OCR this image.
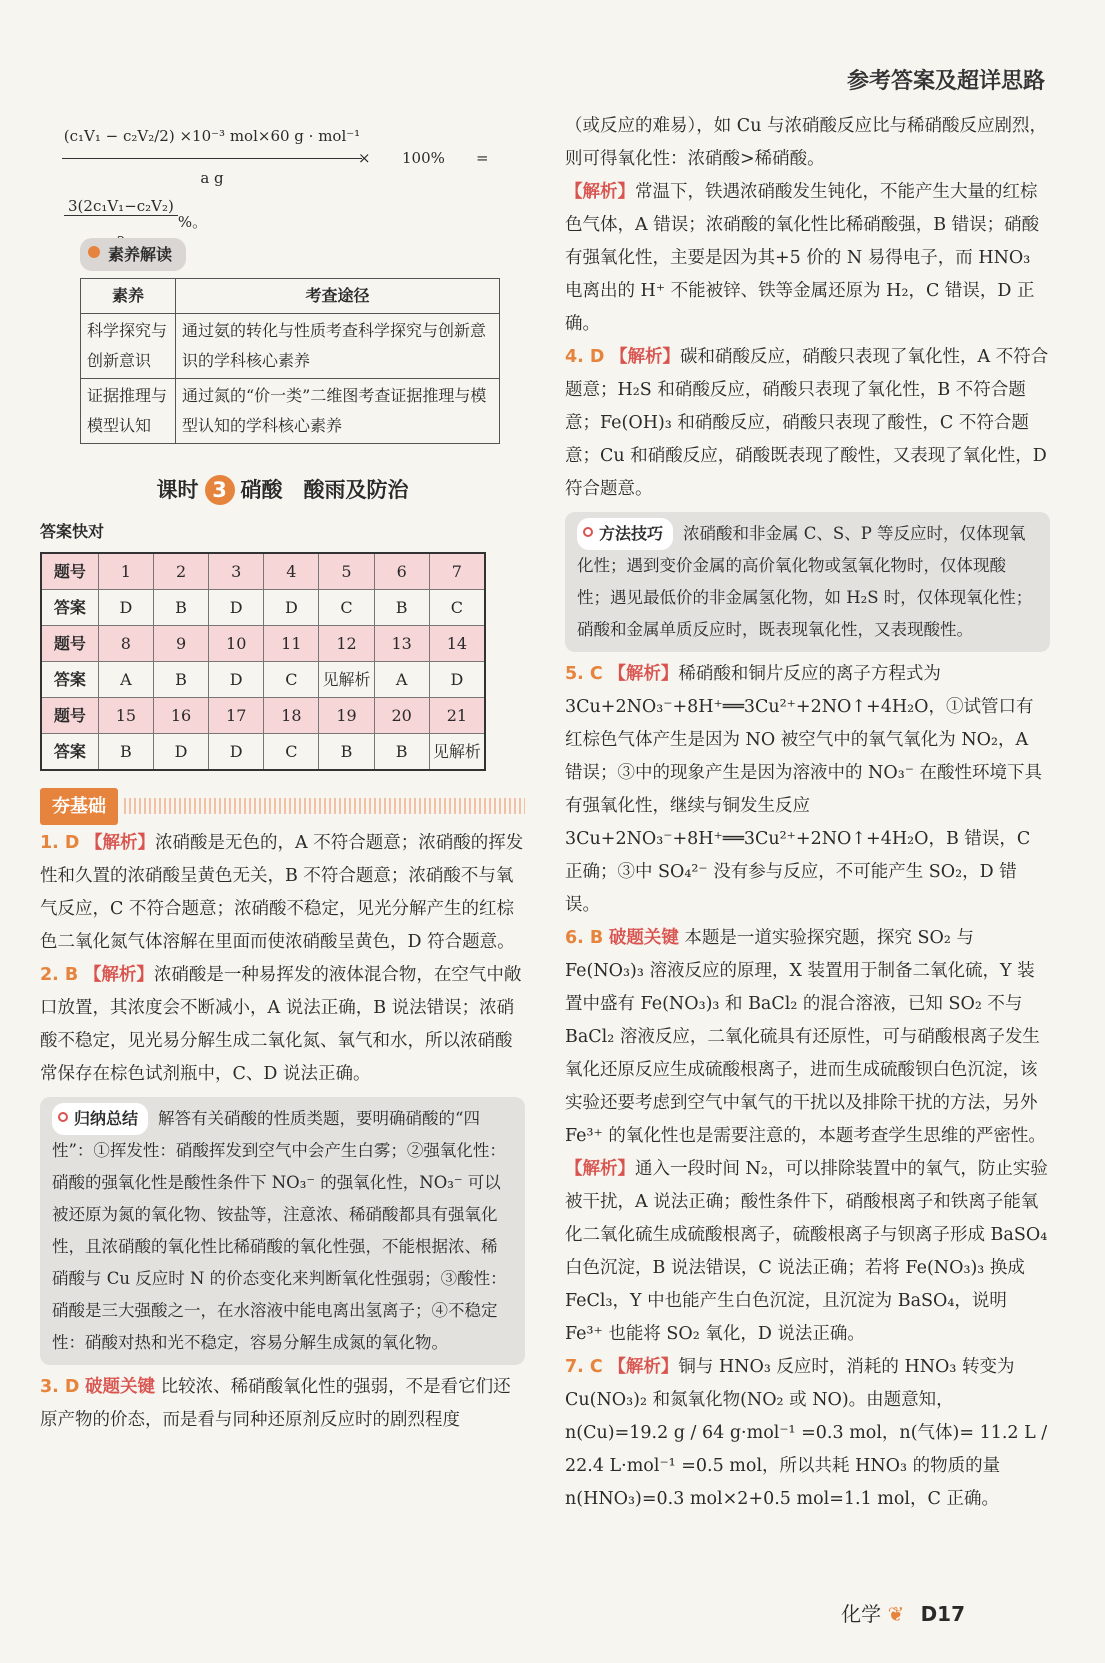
参考答案及超详思路
(c₁V₁ − c₂V₂/2) ×10⁻³ mol×60 g · mol⁻¹
a g
× 100% =
3(2c₁V₁−c₂V₂)
%。
素养解读
素养	考查途径
科学探究与创新意识	通过氨的转化与性质考查科学探究与创新意识的学科核心素养
证据推理与模型认知	通过氮的“价一类”二维图考查证据推理与模型认知的学科核心素养
课时 3 硝酸　酸雨及防治
答案快对
题号	1	2	3	4	5	6	7
答案	D	B	D	D	C	B	C
题号	8	9	10	11	12	13	14
答案	A	B	D	C	见解析	A	D
题号	15	16	17	18	19	20	21
答案	B	D	D	C	B	B	见解析
夯基础

1. D 【解析】浓硝酸是无色的，A 不符合题意；浓硝酸的挥发性和久置的浓硝酸呈黄色无关，B 不符合题意；浓硝酸不与氧气反应，C 不符合题意；浓硝酸不稳定，见光分解产生的红棕色二氧化氮气体溶解在里面而使浓硝酸呈黄色，D 符合题意。

2. B 【解析】浓硝酸是一种易挥发的液体混合物，在空气中敞口放置，其浓度会不断减小，A 说法正确，B 说法错误；浓硝酸不稳定，见光易分解生成二氧化氮、氧气和水，所以浓硝酸常保存在棕色试剂瓶中，C、D 说法正确。

归纳总结 解答有关硝酸的性质类题，要明确硝酸的“四性”：①挥发性：硝酸挥发到空气中会产生白雾；②强氧化性：硝酸的强氧化性是酸性条件下 NO₃⁻ 的强氧化性，NO₃⁻ 可以被还原为氮的氧化物、铵盐等，注意浓、稀硝酸都具有强氧化性，且浓硝酸的氧化性比稀硝酸的氧化性强，不能根据浓、稀硝酸与 Cu 反应时 N 的价态变化来判断氧化性强弱；③酸性：硝酸是三大强酸之一，在水溶液中能电离出氢离子；④不稳定性：硝酸对热和光不稳定，容易分解生成氮的氧化物。

3. D 破题关键 比较浓、稀硝酸氧化性的强弱，不是看它们还原产物的价态，而是看与同种还原剂反应时的剧烈程度

（或反应的难易），如 Cu 与浓硝酸反应比与稀硝酸反应剧烈，则可得氧化性：浓硝酸>稀硝酸。

【解析】常温下，铁遇浓硝酸发生钝化，不能产生大量的红棕色气体，A 错误；浓硝酸的氧化性比稀硝酸强，B 错误；硝酸有强氧化性，主要是因为其+5 价的 N 易得电子，而 HNO₃ 电离出的 H⁺ 不能被锌、铁等金属还原为 H₂，C 错误，D 正确。

4. D 【解析】碳和硝酸反应，硝酸只表现了氧化性，A 不符合题意；H₂S 和硝酸反应，硝酸只表现了氧化性，B 不符合题意；Fe(OH)₃ 和硝酸反应，硝酸只表现了酸性，C 不符合题意；Cu 和硝酸反应，硝酸既表现了酸性，又表现了氧化性，D 符合题意。

方法技巧 浓硝酸和非金属 C、S、P 等反应时，仅体现氧化性；遇到变价金属的高价氧化物或氢氧化物时，仅体现酸性；遇见最低价的非金属氢化物，如 H₂S 时，仅体现氧化性；硝酸和金属单质反应时，既表现氧化性，又表现酸性。

5. C 【解析】稀硝酸和铜片反应的离子方程式为 3Cu+2NO₃⁻+8H⁺══3Cu²⁺+2NO↑+4H₂O，①试管口有红棕色气体产生是因为 NO 被空气中的氧气氧化为 NO₂，A 错误；③中的现象产生是因为溶液中的 NO₃⁻ 在酸性环境下具有强氧化性，继续与铜发生反应 3Cu+2NO₃⁻+8H⁺══3Cu²⁺+2NO↑+4H₂O，B 错误，C 正确；③中 SO₄²⁻ 没有参与反应，不可能产生 SO₂，D 错误。

6. B 破题关键 本题是一道实验探究题，探究 SO₂ 与 Fe(NO₃)₃ 溶液反应的原理，X 装置用于制备二氧化硫，Y 装置中盛有 Fe(NO₃)₃ 和 BaCl₂ 的混合溶液，已知 SO₂ 不与 BaCl₂ 溶液反应，二氧化硫具有还原性，可与硝酸根离子发生氧化还原反应生成硫酸根离子，进而生成硫酸钡白色沉淀，该实验还要考虑到空气中氧气的干扰以及排除干扰的方法，另外 Fe³⁺ 的氧化性也是需要注意的，本题考查学生思维的严密性。

【解析】通入一段时间 N₂，可以排除装置中的氧气，防止实验被干扰，A 说法正确；酸性条件下，硝酸根离子和铁离子能氧化二氧化硫生成硫酸根离子，硫酸根离子与钡离子形成 BaSO₄ 白色沉淀，B 说法错误，C 说法正确；若将 Fe(NO₃)₃ 换成 FeCl₃，Y 中也能产生白色沉淀，且沉淀为 BaSO₄，说明 Fe³⁺ 也能将 SO₂ 氧化，D 说法正确。

7. C 【解析】铜与 HNO₃ 反应时，消耗的 HNO₃ 转变为 Cu(NO₃)₂ 和氮氧化物(NO₂ 或 NO)。由题意知，n(Cu)=19.2 g / 64 g·mol⁻¹ =0.3 mol，n(气体)= 11.2 L / 22.4 L·mol⁻¹ =0.5 mol，所以共耗 HNO₃ 的物质的量 n(HNO₃)=0.3 mol×2+0.5 mol=1.1 mol，C 正确。

化学 ❦ D17
